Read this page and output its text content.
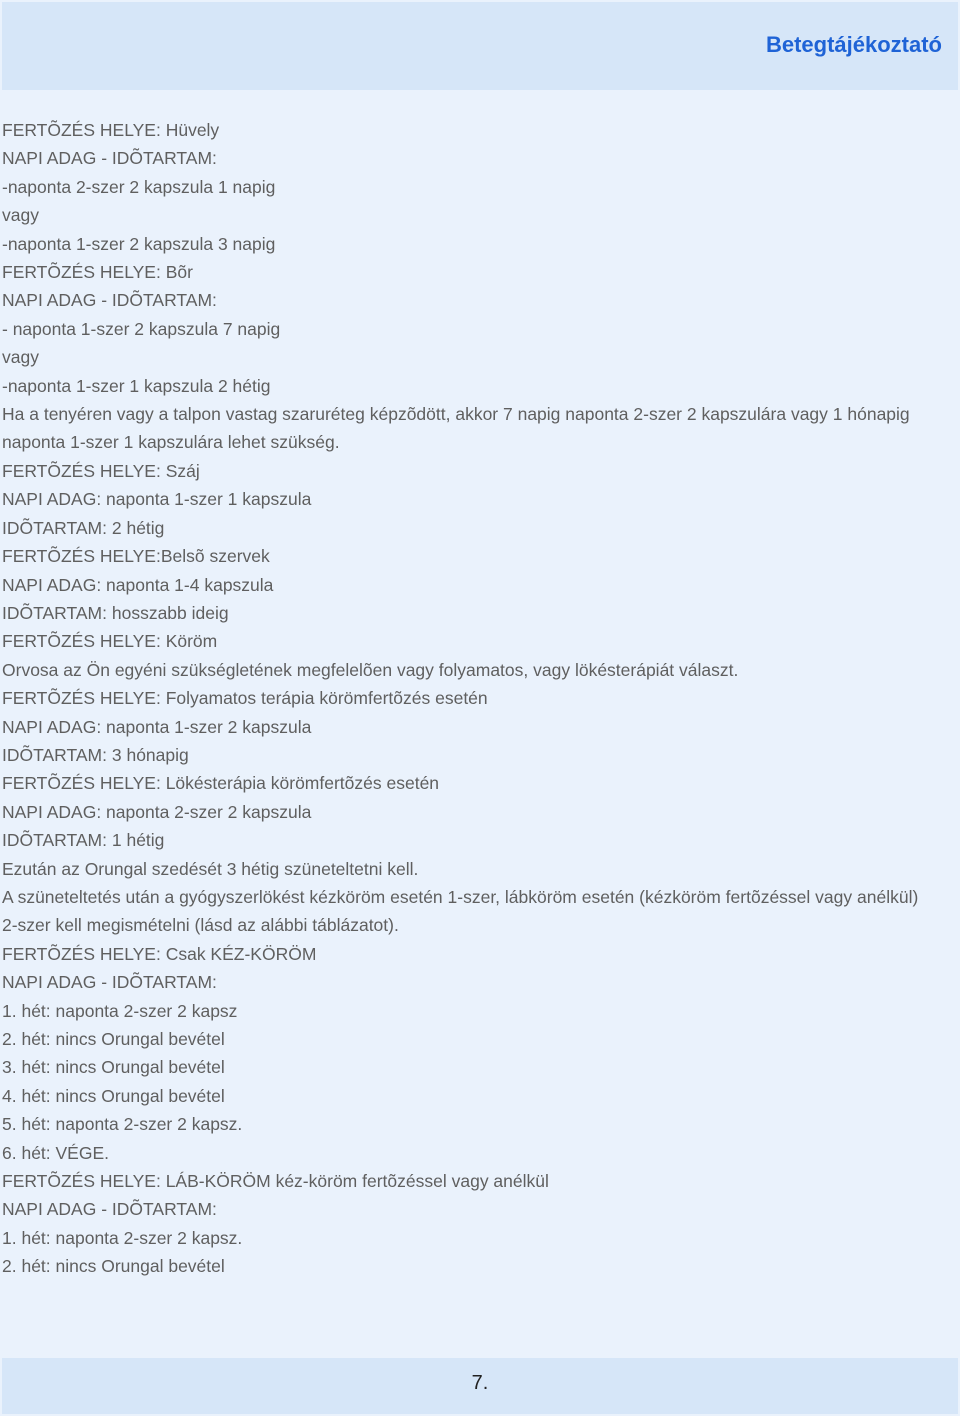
Betegtájékoztató

FERTÕZÉS HELYE: Hüvely

NAPI ADAG - IDÕTARTAM:

-naponta 2-szer 2 kapszula 1 napig

vagy

-naponta 1-szer 2 kapszula 3 napig

FERTÕZÉS HELYE: Bõr

NAPI ADAG - IDÕTARTAM:

- naponta 1-szer 2 kapszula 7 napig

vagy

-naponta 1-szer 1 kapszula 2 hétig

Ha a tenyéren vagy a talpon vastag szaruréteg képzõdött, akkor 7 napig naponta 2-szer 2 kapszulára vagy 1 hónapig naponta 1-szer 1 kapszulára lehet szükség.

FERTÕZÉS HELYE: Száj

NAPI ADAG: naponta 1-szer 1 kapszula

IDÕTARTAM: 2 hétig

FERTÕZÉS HELYE:Belsõ szervek

NAPI ADAG: naponta 1-4 kapszula

IDÕTARTAM: hosszabb ideig

FERTÕZÉS HELYE: Köröm

Orvosa az Ön egyéni szükségletének megfelelõen vagy folyamatos, vagy lökésterápiát választ.

FERTÕZÉS HELYE: Folyamatos terápia körömfertõzés esetén

NAPI ADAG: naponta 1-szer 2 kapszula

IDÕTARTAM: 3 hónapig

FERTÕZÉS HELYE: Lökésterápia körömfertõzés esetén

NAPI ADAG: naponta 2-szer 2 kapszula

IDÕTARTAM: 1 hétig

Ezután az Orungal szedését 3 hétig szüneteltetni kell.

A szüneteltetés után a gyógyszerlökést kézköröm esetén 1-szer, lábköröm esetén (kézköröm fertõzéssel vagy anélkül) 2-szer kell megismételni (lásd az alábbi táblázatot).

FERTÕZÉS HELYE: Csak KÉZ-KÖRÖM

NAPI ADAG - IDÕTARTAM:

1. hét: naponta 2-szer 2 kapsz

2. hét: nincs Orungal bevétel

3. hét: nincs Orungal bevétel

4. hét: nincs Orungal bevétel

5. hét: naponta 2-szer 2 kapsz.

6. hét: VÉGE.

FERTÕZÉS HELYE: LÁB-KÖRÖM kéz-köröm fertõzéssel vagy anélkül

NAPI ADAG - IDÕTARTAM:

1. hét: naponta 2-szer 2 kapsz.

2. hét: nincs Orungal bevétel

7.
